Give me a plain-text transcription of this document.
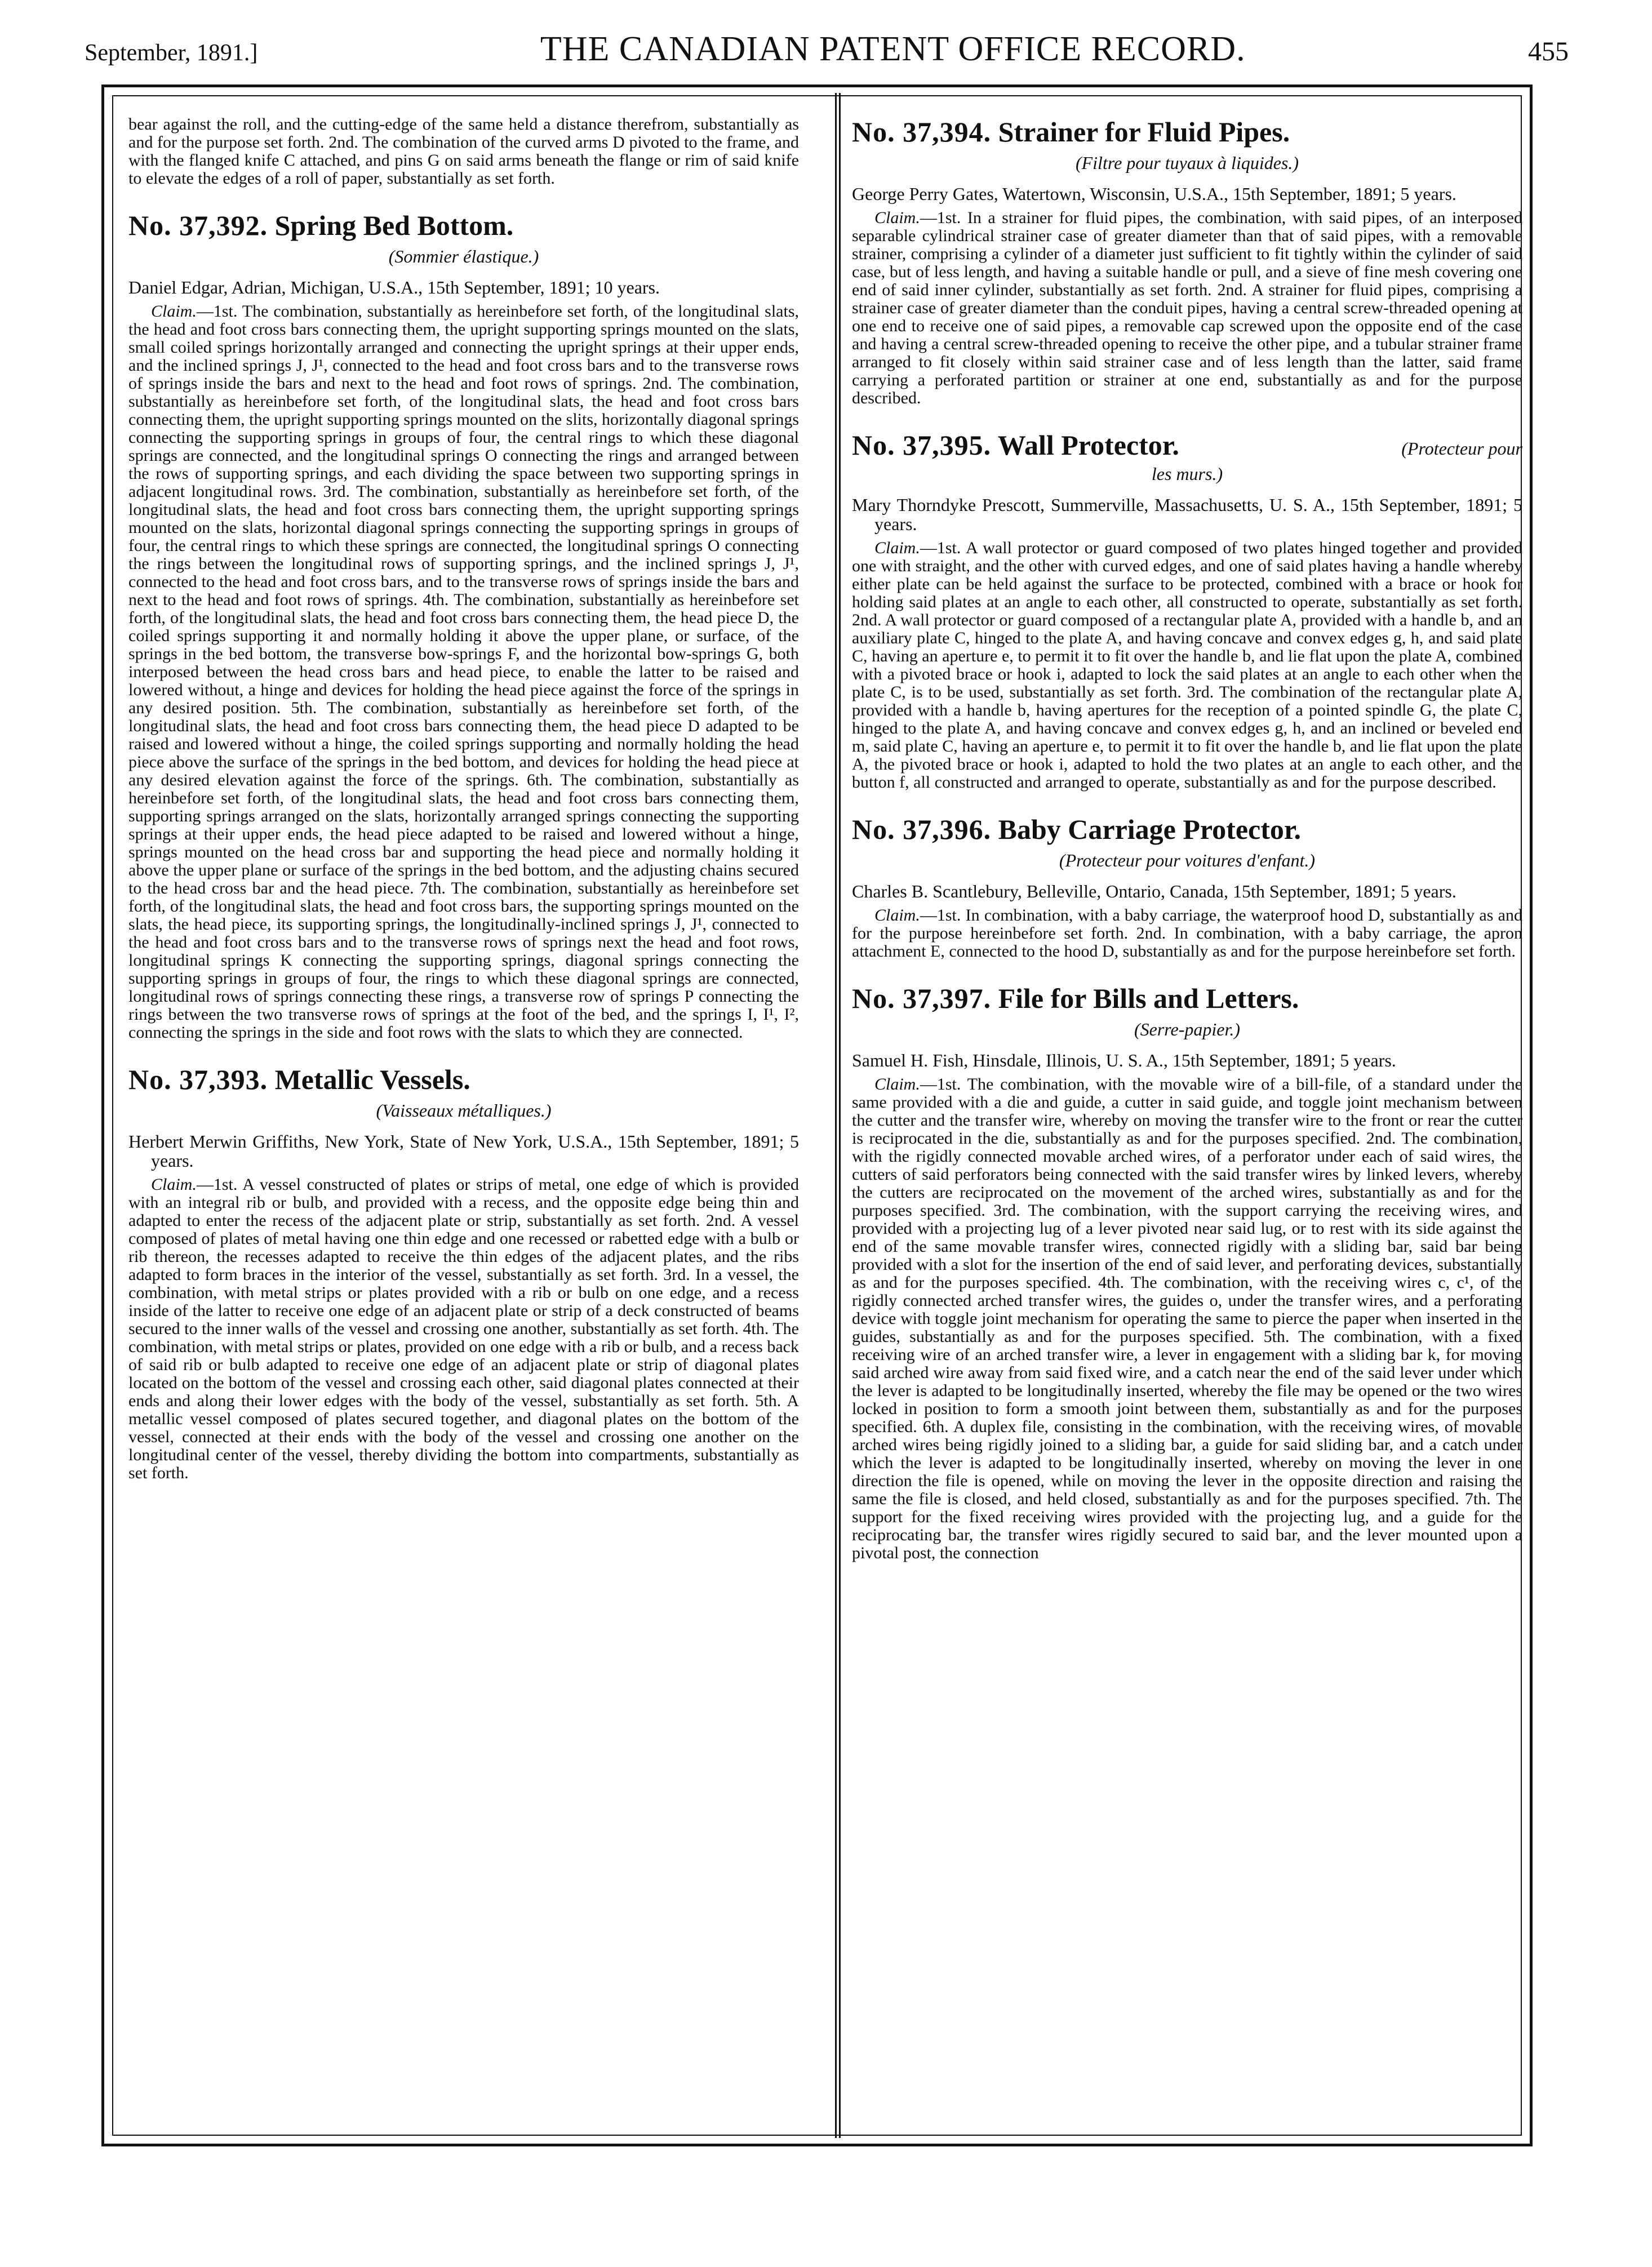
September, 1891.]	THE CANADIAN PATENT OFFICE RECORD.	455

bear against the roll, and the cutting-edge of the same held a distance therefrom, substantially as and for the purpose set forth. 2nd. The combination of the curved arms D pivoted to the frame, and with the flanged knife C attached, and pins G on said arms beneath the flange or rim of said knife to elevate the edges of a roll of paper, substantially as set forth.

No. 37,392. Spring Bed Bottom.

(Sommier élastique.)

Daniel Edgar, Adrian, Michigan, U.S.A., 15th September, 1891; 10 years.

Claim.—1st. The combination, substantially as hereinbefore set forth, of the longitudinal slats, the head and foot cross bars connecting them, the upright supporting springs mounted on the slats, small coiled springs horizontally arranged and connecting the upright springs at their upper ends, and the inclined springs J, J¹, connected to the head and foot cross bars and to the transverse rows of springs inside the bars and next to the head and foot rows of springs. 2nd. The combination, substantially as hereinbefore set forth, of the longitudinal slats, the head and foot cross bars connecting them, the upright supporting springs mounted on the slits, horizontally diagonal springs connecting the supporting springs in groups of four, the central rings to which these diagonal springs are connected, and the longitudinal springs O connecting the rings and arranged between the rows of supporting springs, and each dividing the space between two supporting springs in adjacent longitudinal rows. 3rd. The combination, substantially as hereinbefore set forth, of the longitudinal slats, the head and foot cross bars connecting them, the upright supporting springs mounted on the slats, horizontal diagonal springs connecting the supporting springs in groups of four, the central rings to which these springs are connected, the longitudinal springs O connecting the rings between the longitudinal rows of supporting springs, and the inclined springs J, J¹, connected to the head and foot cross bars, and to the transverse rows of springs inside the bars and next to the head and foot rows of springs. 4th. The combination, substantially as hereinbefore set forth, of the longitudinal slats, the head and foot cross bars connecting them, the head piece D, the coiled springs supporting it and normally holding it above the upper plane, or surface, of the springs in the bed bottom, the transverse bow-springs F, and the horizontal bow-springs G, both interposed between the head cross bars and head piece, to enable the latter to be raised and lowered without, a hinge and devices for holding the head piece against the force of the springs in any desired position. 5th. The combination, substantially as hereinbefore set forth, of the longitudinal slats, the head and foot cross bars connecting them, the head piece D adapted to be raised and lowered without a hinge, the coiled springs supporting and normally holding the head piece above the surface of the springs in the bed bottom, and devices for holding the head piece at any desired elevation against the force of the springs. 6th. The combination, substantially as hereinbefore set forth, of the longitudinal slats, the head and foot cross bars connecting them, supporting springs arranged on the slats, horizontally arranged springs connecting the supporting springs at their upper ends, the head piece adapted to be raised and lowered without a hinge, springs mounted on the head cross bar and supporting the head piece and normally holding it above the upper plane or surface of the springs in the bed bottom, and the adjusting chains secured to the head cross bar and the head piece. 7th. The combination, substantially as hereinbefore set forth, of the longitudinal slats, the head and foot cross bars, the supporting springs mounted on the slats, the head piece, its supporting springs, the longitudinally-inclined springs J, J¹, connected to the head and foot cross bars and to the transverse rows of springs next the head and foot rows, longitudinal springs K connecting the supporting springs, diagonal springs connecting the supporting springs in groups of four, the rings to which these diagonal springs are connected, longitudinal rows of springs connecting these rings, a transverse row of springs P connecting the rings between the two transverse rows of springs at the foot of the bed, and the springs I, I¹, I², connecting the springs in the side and foot rows with the slats to which they are connected.

No. 37,393. Metallic Vessels.

(Vaisseaux métalliques.)

Herbert Merwin Griffiths, New York, State of New York, U.S.A., 15th September, 1891; 5 years.

Claim.—1st. A vessel constructed of plates or strips of metal, one edge of which is provided with an integral rib or bulb, and provided with a recess, and the opposite edge being thin and adapted to enter the recess of the adjacent plate or strip, substantially as set forth. 2nd. A vessel composed of plates of metal having one thin edge and one recessed or rabetted edge with a bulb or rib thereon, the recesses adapted to receive the thin edges of the adjacent plates, and the ribs adapted to form braces in the interior of the vessel, substantially as set forth. 3rd. In a vessel, the combination, with metal strips or plates provided with a rib or bulb on one edge, and a recess inside of the latter to receive one edge of an adjacent plate or strip of a deck constructed of beams secured to the inner walls of the vessel and crossing one another, substantially as set forth. 4th. The combination, with metal strips or plates, provided on one edge with a rib or bulb, and a recess back of said rib or bulb adapted to receive one edge of an adjacent plate or strip of diagonal plates located on the bottom of the vessel and crossing each other, said diagonal plates connected at their ends and along their lower edges with the body of the vessel, substantially as set forth. 5th. A metallic vessel composed of plates secured together, and diagonal plates on the bottom of the vessel, connected at their ends with the body of the vessel and crossing one another on the longitudinal center of the vessel, thereby dividing the bottom into compartments, substantially as set forth.

No. 37,394. Strainer for Fluid Pipes.

(Filtre pour tuyaux à liquides.)

George Perry Gates, Watertown, Wisconsin, U.S.A., 15th September, 1891; 5 years.

Claim.—1st. In a strainer for fluid pipes, the combination, with said pipes, of an interposed separable cylindrical strainer case of greater diameter than that of said pipes, with a removable strainer, comprising a cylinder of a diameter just sufficient to fit tightly within the cylinder of said case, but of less length, and having a suitable handle or pull, and a sieve of fine mesh covering one end of said inner cylinder, substantially as set forth. 2nd. A strainer for fluid pipes, comprising a strainer case of greater diameter than the conduit pipes, having a central screw-threaded opening at one end to receive one of said pipes, a removable cap screwed upon the opposite end of the case and having a central screw-threaded opening to receive the other pipe, and a tubular strainer frame arranged to fit closely within said strainer case and of less length than the latter, said frame carrying a perforated partition or strainer at one end, substantially as and for the purpose described.

No. 37,395. Wall Protector.	(Protecteur pour

les murs.)

Mary Thorndyke Prescott, Summerville, Massachusetts, U. S. A., 15th September, 1891; 5 years.

Claim.—1st. A wall protector or guard composed of two plates hinged together and provided one with straight, and the other with curved edges, and one of said plates having a handle whereby either plate can be held against the surface to be protected, combined with a brace or hook for holding said plates at an angle to each other, all constructed to operate, substantially as set forth. 2nd. A wall protector or guard composed of a rectangular plate A, provided with a handle b, and an auxiliary plate C, hinged to the plate A, and having concave and convex edges g, h, and said plate C, having an aperture e, to permit it to fit over the handle b, and lie flat upon the plate A, combined with a pivoted brace or hook i, adapted to lock the said plates at an angle to each other when the plate C, is to be used, substantially as set forth. 3rd. The combination of the rectangular plate A, provided with a handle b, having apertures for the reception of a pointed spindle G, the plate C, hinged to the plate A, and having concave and convex edges g, h, and an inclined or beveled end m, said plate C, having an aperture e, to permit it to fit over the handle b, and lie flat upon the plate A, the pivoted brace or hook i, adapted to hold the two plates at an angle to each other, and the button f, all constructed and arranged to operate, substantially as and for the purpose described.

No. 37,396. Baby Carriage Protector.

(Protecteur pour voitures d'enfant.)

Charles B. Scantlebury, Belleville, Ontario, Canada, 15th September, 1891; 5 years.

Claim.—1st. In combination, with a baby carriage, the waterproof hood D, substantially as and for the purpose hereinbefore set forth. 2nd. In combination, with a baby carriage, the apron attachment E, connected to the hood D, substantially as and for the purpose hereinbefore set forth.

No. 37,397. File for Bills and Letters.

(Serre-papier.)

Samuel H. Fish, Hinsdale, Illinois, U. S. A., 15th September, 1891; 5 years.

Claim.—1st. The combination, with the movable wire of a bill-file, of a standard under the same provided with a die and guide, a cutter in said guide, and toggle joint mechanism between the cutter and the transfer wire, whereby on moving the transfer wire to the front or rear the cutter is reciprocated in the die, substantially as and for the purposes specified. 2nd. The combination, with the rigidly connected movable arched wires, of a perforator under each of said wires, the cutters of said perforators being connected with the said transfer wires by linked levers, whereby the cutters are reciprocated on the movement of the arched wires, substantially as and for the purposes specified. 3rd. The combination, with the support carrying the receiving wires, and provided with a projecting lug of a lever pivoted near said lug, or to rest with its side against the end of the same movable transfer wires, connected rigidly with a sliding bar, said bar being provided with a slot for the insertion of the end of said lever, and perforating devices, substantially as and for the purposes specified. 4th. The combination, with the receiving wires c, c¹, of the rigidly connected arched transfer wires, the guides o, under the transfer wires, and a perforating device with toggle joint mechanism for operating the same to pierce the paper when inserted in the guides, substantially as and for the purposes specified. 5th. The combination, with a fixed receiving wire of an arched transfer wire, a lever in engagement with a sliding bar k, for moving said arched wire away from said fixed wire, and a catch near the end of the said lever under which the lever is adapted to be longitudinally inserted, whereby the file may be opened or the two wires locked in position to form a smooth joint between them, substantially as and for the purposes specified. 6th. A duplex file, consisting in the combination, with the receiving wires, of movable arched wires being rigidly joined to a sliding bar, a guide for said sliding bar, and a catch under which the lever is adapted to be longitudinally inserted, whereby on moving the lever in one direction the file is opened, while on moving the lever in the opposite direction and raising the same the file is closed, and held closed, substantially as and for the purposes specified. 7th. The support for the fixed receiving wires provided with the projecting lug, and a guide for the reciprocating bar, the transfer wires rigidly secured to said bar, and the lever mounted upon a pivotal post, the connection
